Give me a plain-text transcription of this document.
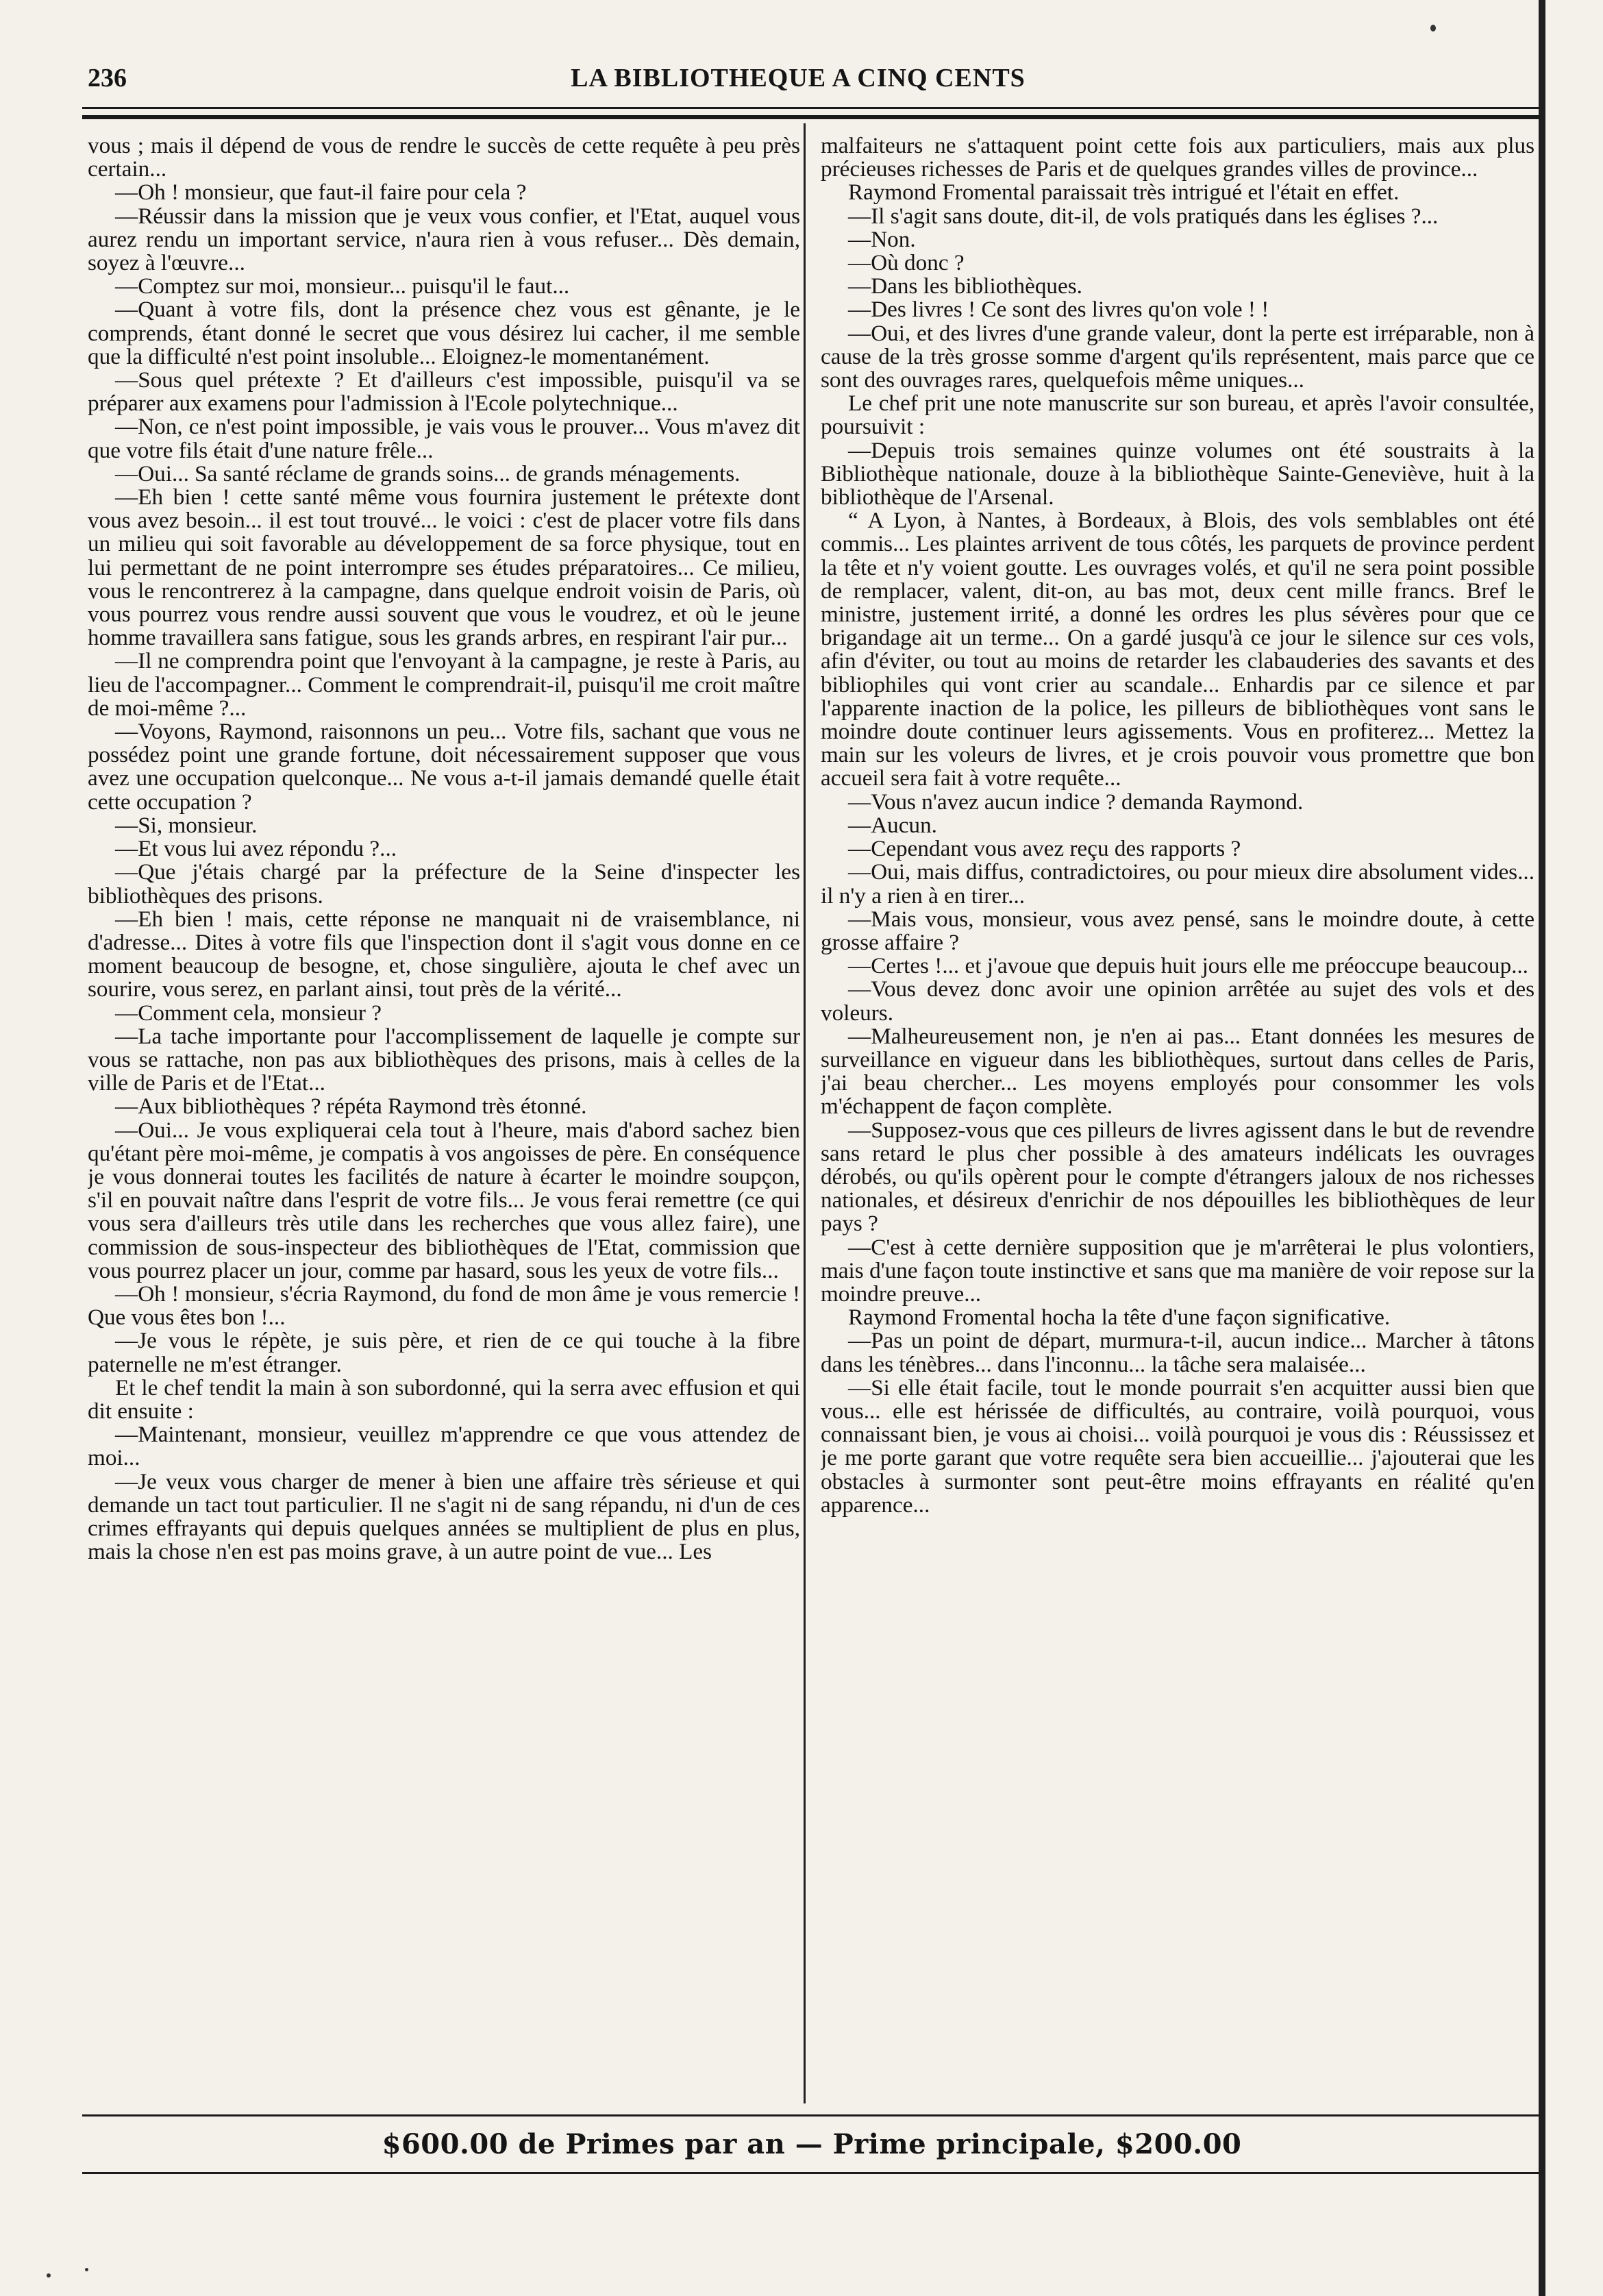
236	LA BIBLIOTHEQUE A CINQ CENTS

vous ; mais il dépend de vous de rendre le succès de cette requête à peu près certain...

—Oh ! monsieur, que faut-il faire pour cela ?

—Réussir dans la mission que je veux vous confier, et l'Etat, auquel vous aurez rendu un important service, n'aura rien à vous refuser... Dès demain, soyez à l'œuvre...

—Comptez sur moi, monsieur... puisqu'il le faut...

—Quant à votre fils, dont la présence chez vous est gênante, je le comprends, étant donné le secret que vous désirez lui cacher, il me semble que la difficulté n'est point insoluble... Eloignez-le momentanément.

—Sous quel prétexte ? Et d'ailleurs c'est impossible, puisqu'il va se préparer aux examens pour l'admission à l'Ecole polytechnique...

—Non, ce n'est point impossible, je vais vous le prouver... Vous m'avez dit que votre fils était d'une nature frêle...

—Oui... Sa santé réclame de grands soins... de grands ménagements.

—Eh bien ! cette santé même vous fournira justement le prétexte dont vous avez besoin... il est tout trouvé... le voici : c'est de placer votre fils dans un milieu qui soit favorable au développement de sa force physique, tout en lui permettant de ne point interrompre ses études préparatoires... Ce milieu, vous le rencontrerez à la campagne, dans quelque endroit voisin de Paris, où vous pourrez vous rendre aussi souvent que vous le voudrez, et où le jeune homme travaillera sans fatigue, sous les grands arbres, en respirant l'air pur...

—Il ne comprendra point que l'envoyant à la campagne, je reste à Paris, au lieu de l'accompagner... Comment le comprendrait-il, puisqu'il me croit maître de moi-même ?...

—Voyons, Raymond, raisonnons un peu... Votre fils, sachant que vous ne possédez point une grande fortune, doit nécessairement supposer que vous avez une occupation quelconque... Ne vous a-t-il jamais demandé quelle était cette occupation ?

—Si, monsieur.

—Et vous lui avez répondu ?...

—Que j'étais chargé par la préfecture de la Seine d'inspecter les bibliothèques des prisons.

—Eh bien ! mais, cette réponse ne manquait ni de vraisemblance, ni d'adresse... Dites à votre fils que l'inspection dont il s'agit vous donne en ce moment beaucoup de besogne, et, chose singulière, ajouta le chef avec un sourire, vous serez, en parlant ainsi, tout près de la vérité...

—Comment cela, monsieur ?

—La tache importante pour l'accomplissement de laquelle je compte sur vous se rattache, non pas aux bibliothèques des prisons, mais à celles de la ville de Paris et de l'Etat...

—Aux bibliothèques ? répéta Raymond très étonné.

—Oui... Je vous expliquerai cela tout à l'heure, mais d'abord sachez bien qu'étant père moi-même, je compatis à vos angoisses de père. En conséquence je vous donnerai toutes les facilités de nature à écarter le moindre soupçon, s'il en pouvait naître dans l'esprit de votre fils... Je vous ferai remettre (ce qui vous sera d'ailleurs très utile dans les recherches que vous allez faire), une commission de sous-inspecteur des bibliothèques de l'Etat, commission que vous pourrez placer un jour, comme par hasard, sous les yeux de votre fils...

—Oh ! monsieur, s'écria Raymond, du fond de mon âme je vous remercie ! Que vous êtes bon !...

—Je vous le répète, je suis père, et rien de ce qui touche à la fibre paternelle ne m'est étranger.

Et le chef tendit la main à son subordonné, qui la serra avec effusion et qui dit ensuite :

—Maintenant, monsieur, veuillez m'apprendre ce que vous attendez de moi...

—Je veux vous charger de mener à bien une affaire très sérieuse et qui demande un tact tout particulier. Il ne s'agit ni de sang répandu, ni d'un de ces crimes effrayants qui depuis quelques années se multiplient de plus en plus, mais la chose n'en est pas moins grave, à un autre point de vue... Les

malfaiteurs ne s'attaquent point cette fois aux particuliers, mais aux plus précieuses richesses de Paris et de quelques grandes villes de province...

Raymond Fromental paraissait très intrigué et l'était en effet.

—Il s'agit sans doute, dit-il, de vols pratiqués dans les églises ?...

—Non.

—Où donc ?

—Dans les bibliothèques.

—Des livres ! Ce sont des livres qu'on vole ! !

—Oui, et des livres d'une grande valeur, dont la perte est irréparable, non à cause de la très grosse somme d'argent qu'ils représentent, mais parce que ce sont des ouvrages rares, quelquefois même uniques...

Le chef prit une note manuscrite sur son bureau, et après l'avoir consultée, poursuivit :

—Depuis trois semaines quinze volumes ont été soustraits à la Bibliothèque nationale, douze à la bibliothèque Sainte-Geneviève, huit à la bibliothèque de l'Arsenal.

“ A Lyon, à Nantes, à Bordeaux, à Blois, des vols semblables ont été commis... Les plaintes arrivent de tous côtés, les parquets de province perdent la tête et n'y voient goutte. Les ouvrages volés, et qu'il ne sera point possible de remplacer, valent, dit-on, au bas mot, deux cent mille francs. Bref le ministre, justement irrité, a donné les ordres les plus sévères pour que ce brigandage ait un terme... On a gardé jusqu'à ce jour le silence sur ces vols, afin d'éviter, ou tout au moins de retarder les clabauderies des savants et des bibliophiles qui vont crier au scandale... Enhardis par ce silence et par l'apparente inaction de la police, les pilleurs de bibliothèques vont sans le moindre doute continuer leurs agissements. Vous en profiterez... Mettez la main sur les voleurs de livres, et je crois pouvoir vous promettre que bon accueil sera fait à votre requête...

—Vous n'avez aucun indice ? demanda Raymond.

—Aucun.

—Cependant vous avez reçu des rapports ?

—Oui, mais diffus, contradictoires, ou pour mieux dire absolument vides... il n'y a rien à en tirer...

—Mais vous, monsieur, vous avez pensé, sans le moindre doute, à cette grosse affaire ?

—Certes !... et j'avoue que depuis huit jours elle me préoccupe beaucoup...

—Vous devez donc avoir une opinion arrêtée au sujet des vols et des voleurs.

—Malheureusement non, je n'en ai pas... Etant données les mesures de surveillance en vigueur dans les bibliothèques, surtout dans celles de Paris, j'ai beau chercher... Les moyens employés pour consommer les vols m'échappent de façon complète.

—Supposez-vous que ces pilleurs de livres agissent dans le but de revendre sans retard le plus cher possible à des amateurs indélicats les ouvrages dérobés, ou qu'ils opèrent pour le compte d'étrangers jaloux de nos richesses nationales, et désireux d'enrichir de nos dépouilles les bibliothèques de leur pays ?

—C'est à cette dernière supposition que je m'arrêterai le plus volontiers, mais d'une façon toute instinctive et sans que ma manière de voir repose sur la moindre preuve...

Raymond Fromental hocha la tête d'une façon significative.

—Pas un point de départ, murmura-t-il, aucun indice... Marcher à tâtons dans les ténèbres... dans l'inconnu... la tâche sera malaisée...

—Si elle était facile, tout le monde pourrait s'en acquitter aussi bien que vous... elle est hérissée de difficultés, au contraire, voilà pourquoi, vous connaissant bien, je vous ai choisi... voilà pourquoi je vous dis : Réussissez et je me porte garant que votre requête sera bien accueillie... j'ajouterai que les obstacles à surmonter sont peut-être moins effrayants en réalité qu'en apparence...

$600.00 de Primes par an — Prime principale, $200.00
